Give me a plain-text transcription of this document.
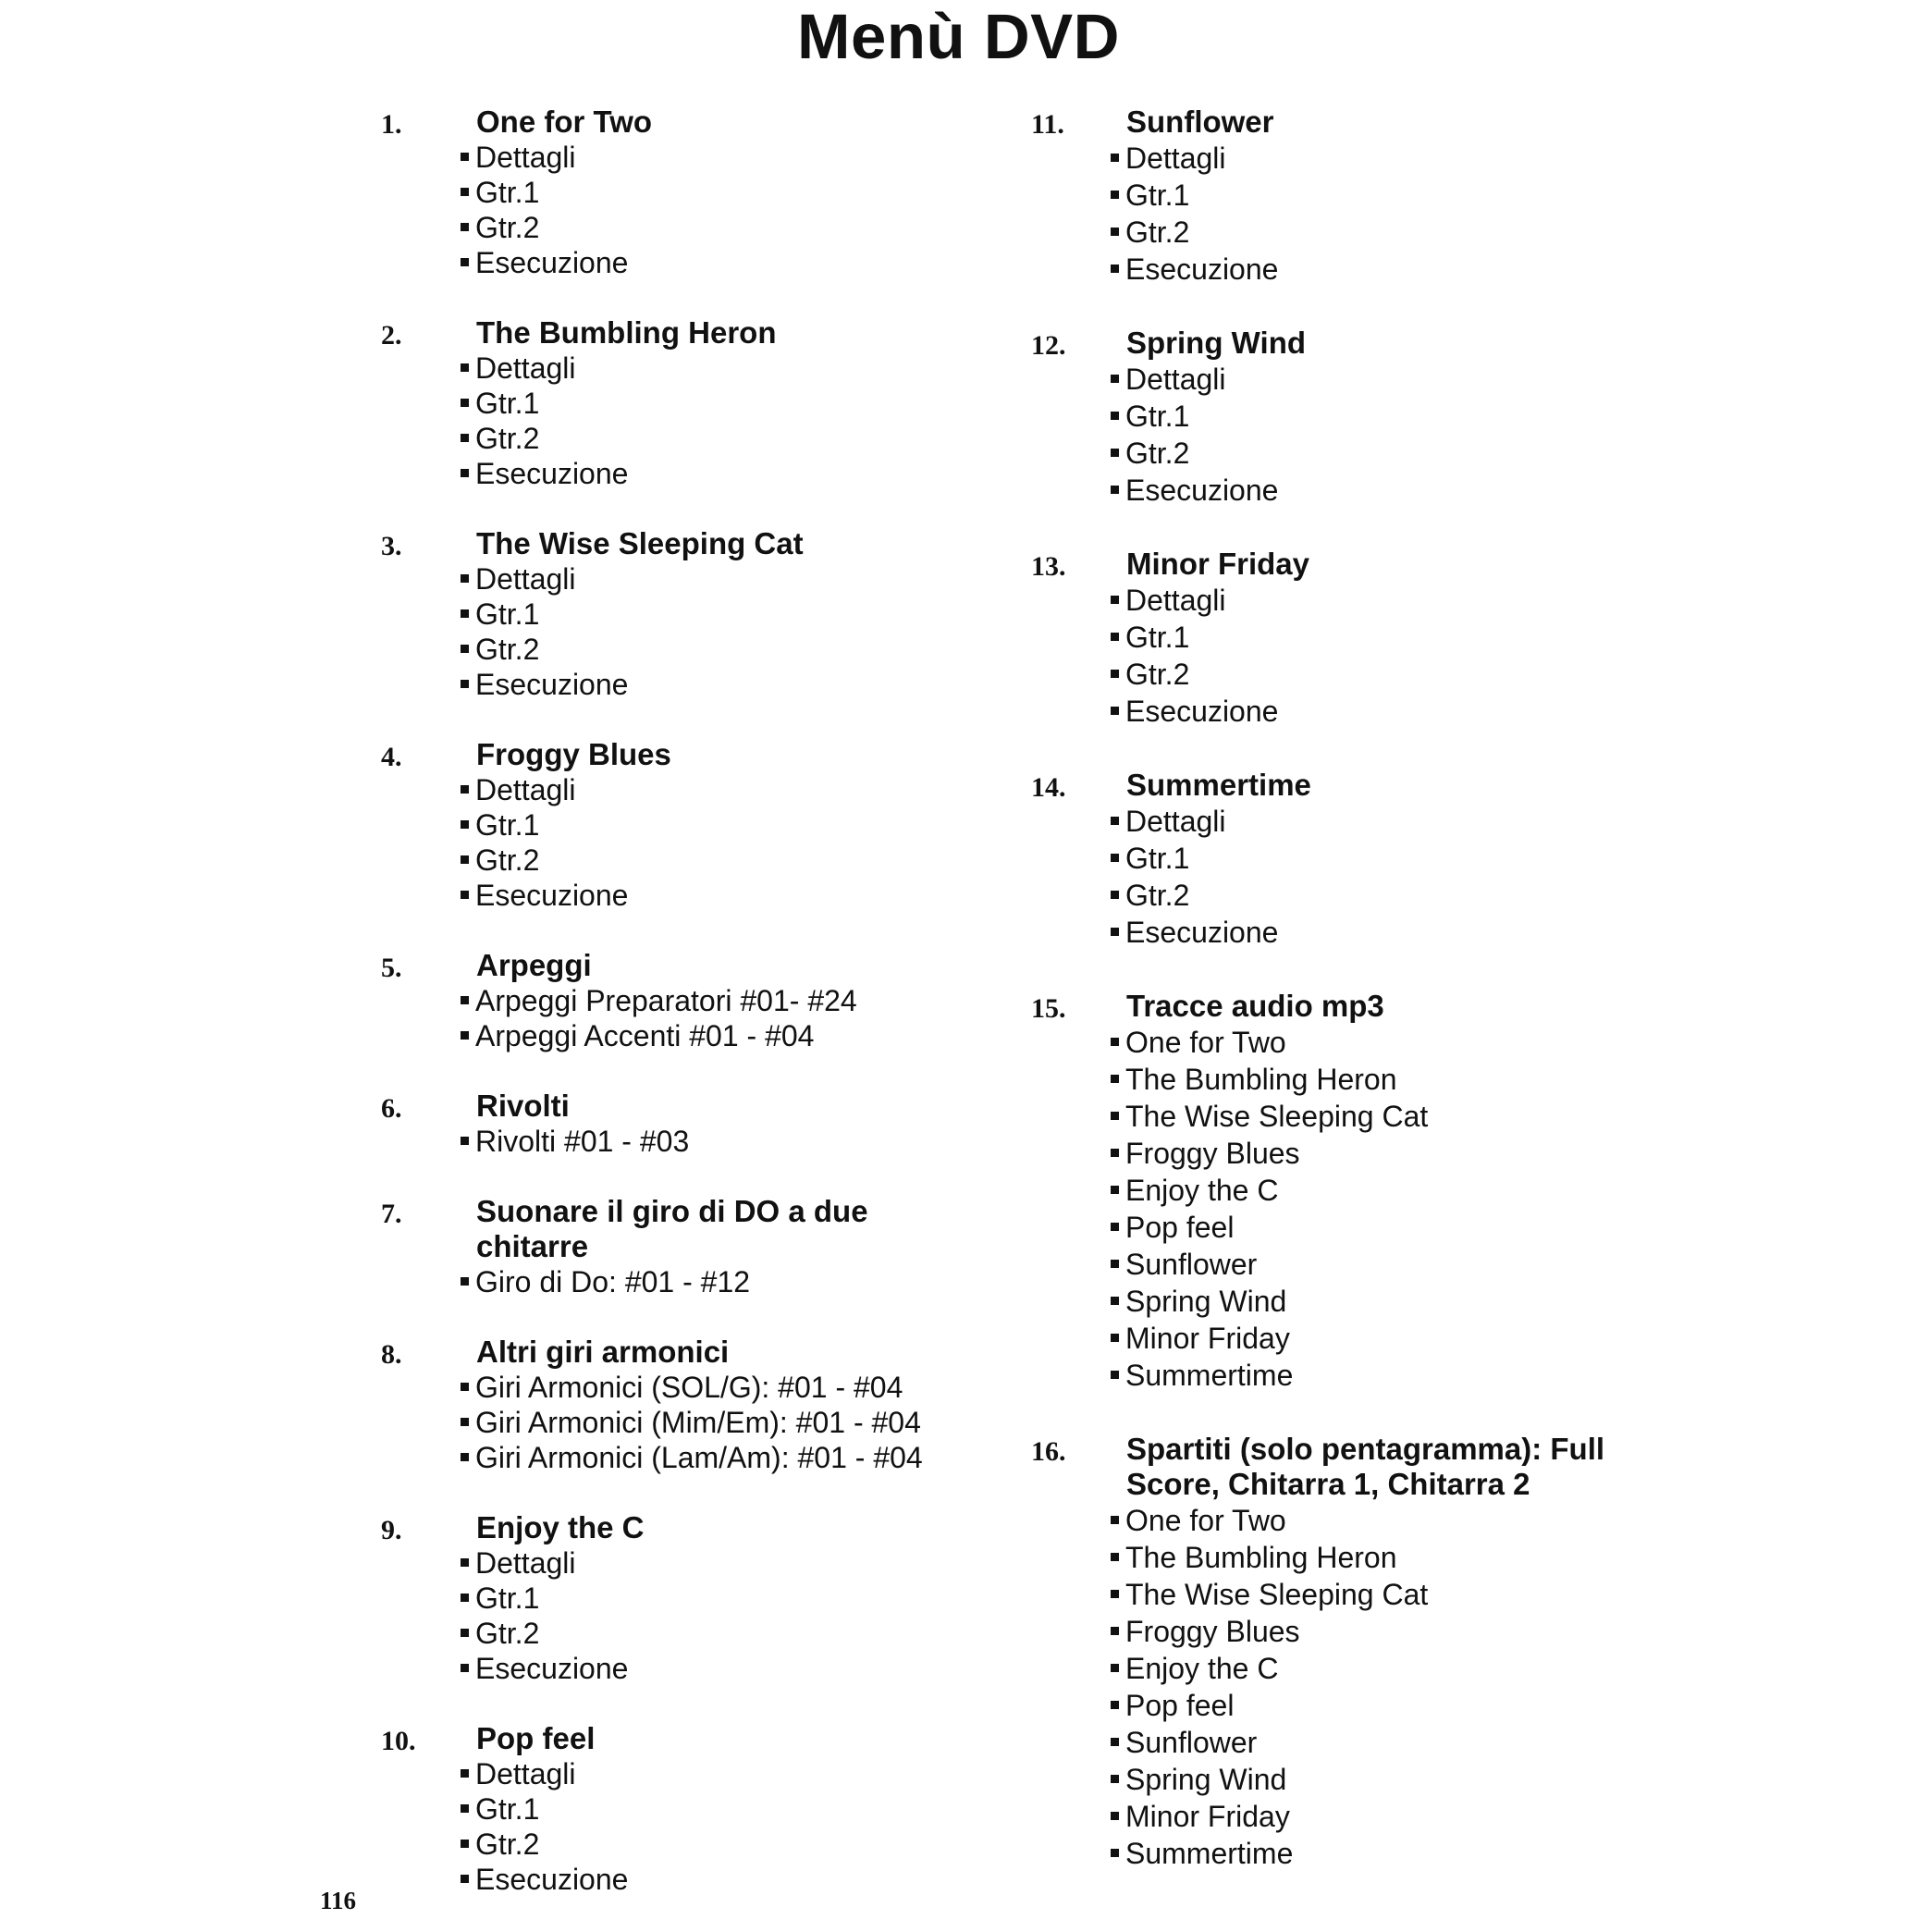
Menù DVD
1. One for Two
Dettagli
Gtr.1
Gtr.2
Esecuzione
2. The Bumbling Heron
Dettagli
Gtr.1
Gtr.2
Esecuzione
3. The Wise Sleeping Cat
Dettagli
Gtr.1
Gtr.2
Esecuzione
4. Froggy Blues
Dettagli
Gtr.1
Gtr.2
Esecuzione
5. Arpeggi
Arpeggi Preparatori #01- #24
Arpeggi Accenti #01 - #04
6. Rivolti
Rivolti #01 - #03
7. Suonare il giro di DO a due chitarre
Giro di Do: #01 - #12
8. Altri giri armonici
Giri Armonici (SOL/G): #01 - #04
Giri Armonici (Mim/Em): #01 - #04
Giri Armonici (Lam/Am): #01 - #04
9. Enjoy the C
Dettagli
Gtr.1
Gtr.2
Esecuzione
10. Pop feel
Dettagli
Gtr.1
Gtr.2
Esecuzione
11. Sunflower
Dettagli
Gtr.1
Gtr.2
Esecuzione
12. Spring Wind
Dettagli
Gtr.1
Gtr.2
Esecuzione
13. Minor Friday
Dettagli
Gtr.1
Gtr.2
Esecuzione
14. Summertime
Dettagli
Gtr.1
Gtr.2
Esecuzione
15. Tracce audio mp3
One for Two
The Bumbling Heron
The Wise Sleeping Cat
Froggy Blues
Enjoy the C
Pop feel
Sunflower
Spring Wind
Minor Friday
Summertime
16. Spartiti (solo pentagramma): Full Score, Chitarra 1, Chitarra 2
One for Two
The Bumbling Heron
The Wise Sleeping Cat
Froggy Blues
Enjoy the C
Pop feel
Sunflower
Spring Wind
Minor Friday
Summertime
116
